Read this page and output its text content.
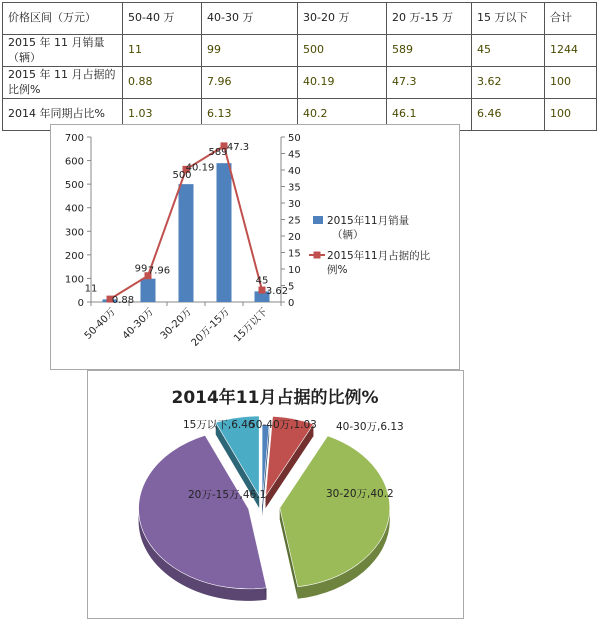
价格区间（万元）	50-40 万	40-30 万	30-20 万	20 万-15 万	15 万以下	合计
2015 年 11 月销量（辆）	11	99	500	589	45	1244
2015 年 11 月占据的比例%	0.88	7.96	40.19	47.3	3.62	100
2014 年同期占比%	1.03	6.13	40.2	46.1	6.46	100
0
100
200
300
400
500
600
700
0
5
10
15
20
25
30
35
40
45
50
50-40万 40-30万 30-20万
20万-15万 15万以下
11
99
500
589
45
0.88
7.96
40.19
47.3
3.62
2015年11月销量（辆）
2015年11月占据的比例%
2014年11月占据的比例%
50-40万,1.03 40-30万,6.13
30-20万,40.2
20万-15万,46.1
15万以下,6.46
